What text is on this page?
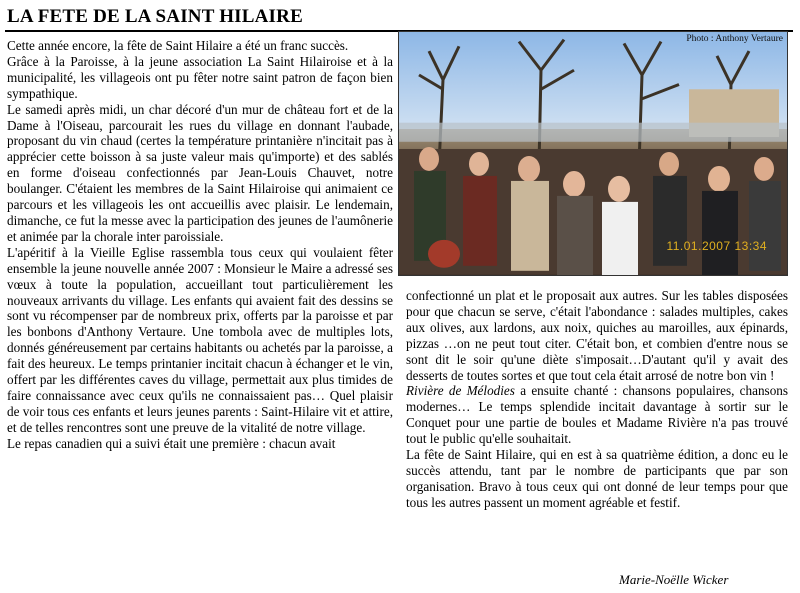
LA FETE DE LA SAINT HILAIRE

Cette année encore, la fête de Saint Hilaire a été un franc succès.

Grâce à la Paroisse, à la jeune association La Saint Hilairoise et à la municipalité, les villageois ont pu fêter notre saint patron de façon bien sympathique.

Le samedi après midi, un char décoré d'un mur de château fort et de la Dame à l'Oiseau, parcourait les rues du village en donnant l'aubade, proposant du vin chaud (certes la température printanière n'incitait pas à apprécier cette boisson à sa juste valeur mais qu'importe) et des sablés en forme d'oiseau confectionnés par Jean-Louis Chauvet, notre boulanger. C'étaient les membres de la Saint Hilairoise qui animaient ce parcours et les villageois les ont accueillis avec plaisir. Le lendemain, dimanche, ce fut la messe avec la participation des jeunes de l'aumônerie et animée par la chorale inter paroissiale.

L'apéritif à la Vieille Eglise rassembla tous ceux qui voulaient fêter ensemble la jeune nouvelle année 2007 : Monsieur le Maire a adressé ses vœux à toute la population, accueillant tout particulièrement les nouveaux arrivants du village. Les enfants qui avaient fait des dessins se sont vu récompenser par de nombreux prix, offerts par la paroisse et par les bonbons d'Anthony Vertaure. Une tombola avec de multiples lots, donnés généreusement par certains habitants ou achetés par la paroisse, a fait des heureux. Le temps printanier incitait chacun à échanger et le vin, offert par les différentes caves du village, permettait aux plus timides de faire connaissance avec ceux qu'ils ne connaissaient pas… Quel plaisir de voir tous ces enfants et leurs jeunes parents : Saint-Hilaire vit et attire, et de telles rencontres sont une preuve de la vitalité de notre village.

Le repas canadien qui a suivi était une première : chacun avait

Photo : Anthony Vertaure
11.01.2007 13:34

confectionné un plat et le proposait aux autres. Sur les tables disposées pour que chacun se serve, c'était l'abondance : salades multiples, cakes aux olives, aux lardons, aux noix, quiches au maroilles, aux épinards, pizzas …on ne peut tout citer. C'était bon, et combien d'entre nous se sont dit le soir qu'une diète s'imposait…D'autant qu'il y avait des desserts de toutes sortes et que tout cela était arrosé de notre bon vin !

Rivière de Mélodies a ensuite chanté : chansons populaires, chansons modernes… Le temps splendide incitait davantage à sortir sur le Conquet pour une partie de boules et Madame Rivière n'a pas trouvé tout le public qu'elle souhaitait.

La fête de Saint Hilaire, qui en est à sa quatrième édition, a donc eu le succès attendu, tant par le nombre de participants que par son organisation. Bravo à tous ceux qui ont donné de leur temps pour que tous les autres passent un moment agréable et festif.

Marie-Noëlle Wicker
